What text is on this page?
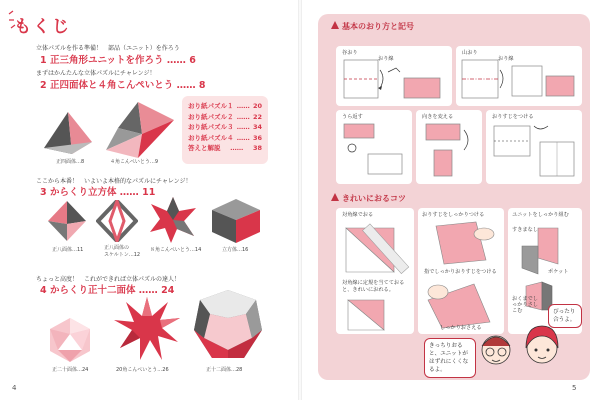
もくじ
立体パズルを作る準備！　部品（ユニット）を作ろう
1 正三角形ユニットを作ろう …… 6
まずはかんたんな立体パズルにチャレンジ！
2 正四面体と４角こんぺいとう …… 8
正四面体…8	４角こんぺいとう…9
おり紙パズル１ …… 20
おり紙パズル２ …… 22
おり紙パズル３ …… 34
おり紙パズル４ …… 36
答えと解説 …… 38
ここから本番！　いよいよ本格的なパズルにチャレンジ！
3 からくり立方体 …… 11
正八面体…11	正八面体の
スケルトン…12
８角こんぺいとう…14	立方体…16
ちょっと高度！　これができれば立体パズルの達人！
4 からくり正十二面体 …… 24
正二十面体…24	20角こんぺいとう…26	正十二面体…28
4
基本のおり方と記号
谷おり
おり線
山おり
おり線
うら返す	向きを変える	おりすじをつける
きれいにおるコツ
対角線でおる
対角線に定規を当てておると、きれいにおれる。
おりすじをしっかりつける
指でしっかりおりすじをつける
しっかりおさえる
ユニットをしっかり組む
すきまなし
ポケット
おくまでしっかりさしこむ
きっちりおると、ユニットがはずれにくくなるよ。
ぴったり合うよ。
5
